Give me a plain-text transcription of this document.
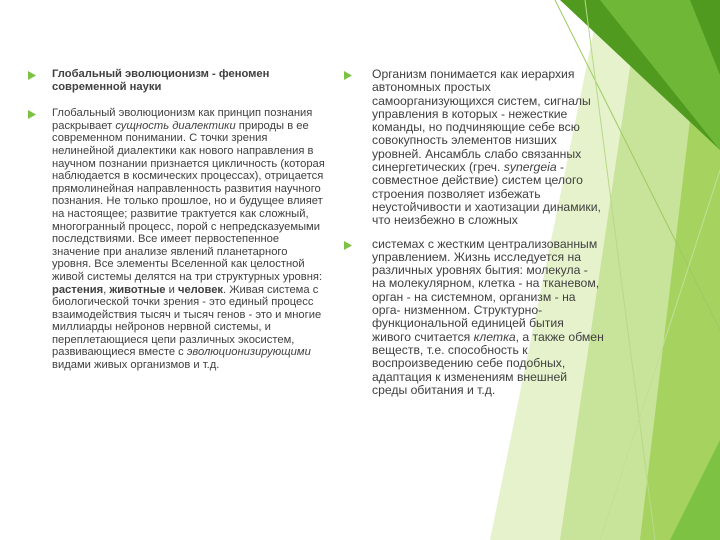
Глобальный эволюционизм - феномен современной науки
Глобальный эволюционизм как принцип познания раскрывает сущность диалектики природы в ее современном понимании. С точки зрения нелинейной диалектики как нового направления в научном познании признается цикличность (которая наблюдается в космических процессах), отрицается прямолинейная направленность развития научного познания. Не только прошлое, но и будущее влияет на настоящее; развитие трактуется как сложный, многогранный процесс, порой с непредсказуемыми последствиями. Все имеет первостепенное значение при анализе явлений планетарного уровня. Все элементы Вселенной как целостной живой системы делятся на три структурных уровня: растения, животные и человек. Живая система с биологической точки зрения - это единый процесс взаимодействия тысяч и тысяч генов - это и многие миллиарды нейронов нервной системы, и переплетающиеся цепи различных экосистем, развивающиеся вместе с эволюционизирующими видами живых организмов и т.д.
Организм понимается как иерархия автономных простых самоорганизующихся систем, сигналы управления в которых - нежесткие команды, но подчиняющие себе всю совокупность элементов низших уровней. Ансамбль слабо связанных синергетических (греч. synergeia - совместное действие) систем целого строения позволяет избежать неустойчивости и хаотизации динамики, что неизбежно в сложных
системах с жестким централизованным управлением. Жизнь исследуется на различных уровнях бытия: молекула - на молекулярном, клетка - на тканевом, орган - на системном, организм - на орга- низменном. Структурно-функциональной единицей бытия живого считается клетка, а также обмен веществ, т.е. способность к воспроизведению себе подобных, адаптация к изменениям внешней среды обитания и т.д.
